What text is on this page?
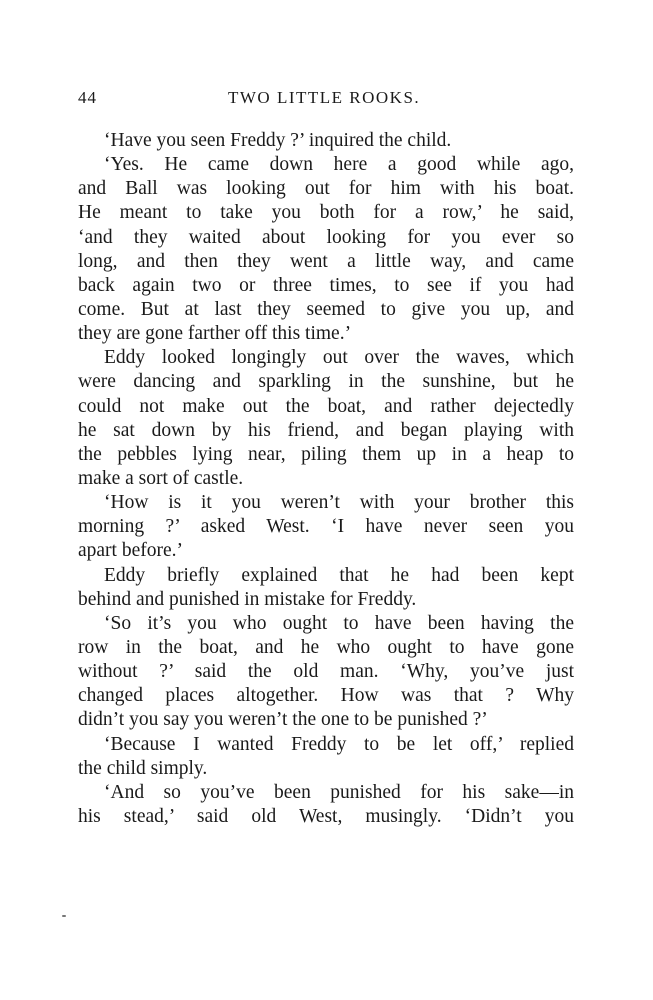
44	TWO LITTLE ROOKS.
‘Have you seen Freddy ?’ inquired the child.
‘Yes. He came down here a good while ago,
and Ball was looking out for him with his boat.
He meant to take you both for a row,’ he said,
‘and they waited about looking for you ever so
long, and then they went a little way, and came
back again two or three times, to see if you had
come. But at last they seemed to give you up, and
they are gone farther off this time.’
Eddy looked longingly out over the waves, which
were dancing and sparkling in the sunshine, but he
could not make out the boat, and rather dejectedly
he sat down by his friend, and began playing with
the pebbles lying near, piling them up in a heap to
make a sort of castle.
‘How is it you weren’t with your brother this
morning ?’ asked West. ‘I have never seen you
apart before.’
Eddy briefly explained that he had been kept
behind and punished in mistake for Freddy.
‘So it’s you who ought to have been having the
row in the boat, and he who ought to have gone
without ?’ said the old man. ‘Why, you’ve just
changed places altogether. How was that ? Why
didn’t you say you weren’t the one to be punished ?’
‘Because I wanted Freddy to be let off,’ replied
the child simply.
‘And so you’ve been punished for his sake—in
his stead,’ said old West, musingly. ‘Didn’t you
